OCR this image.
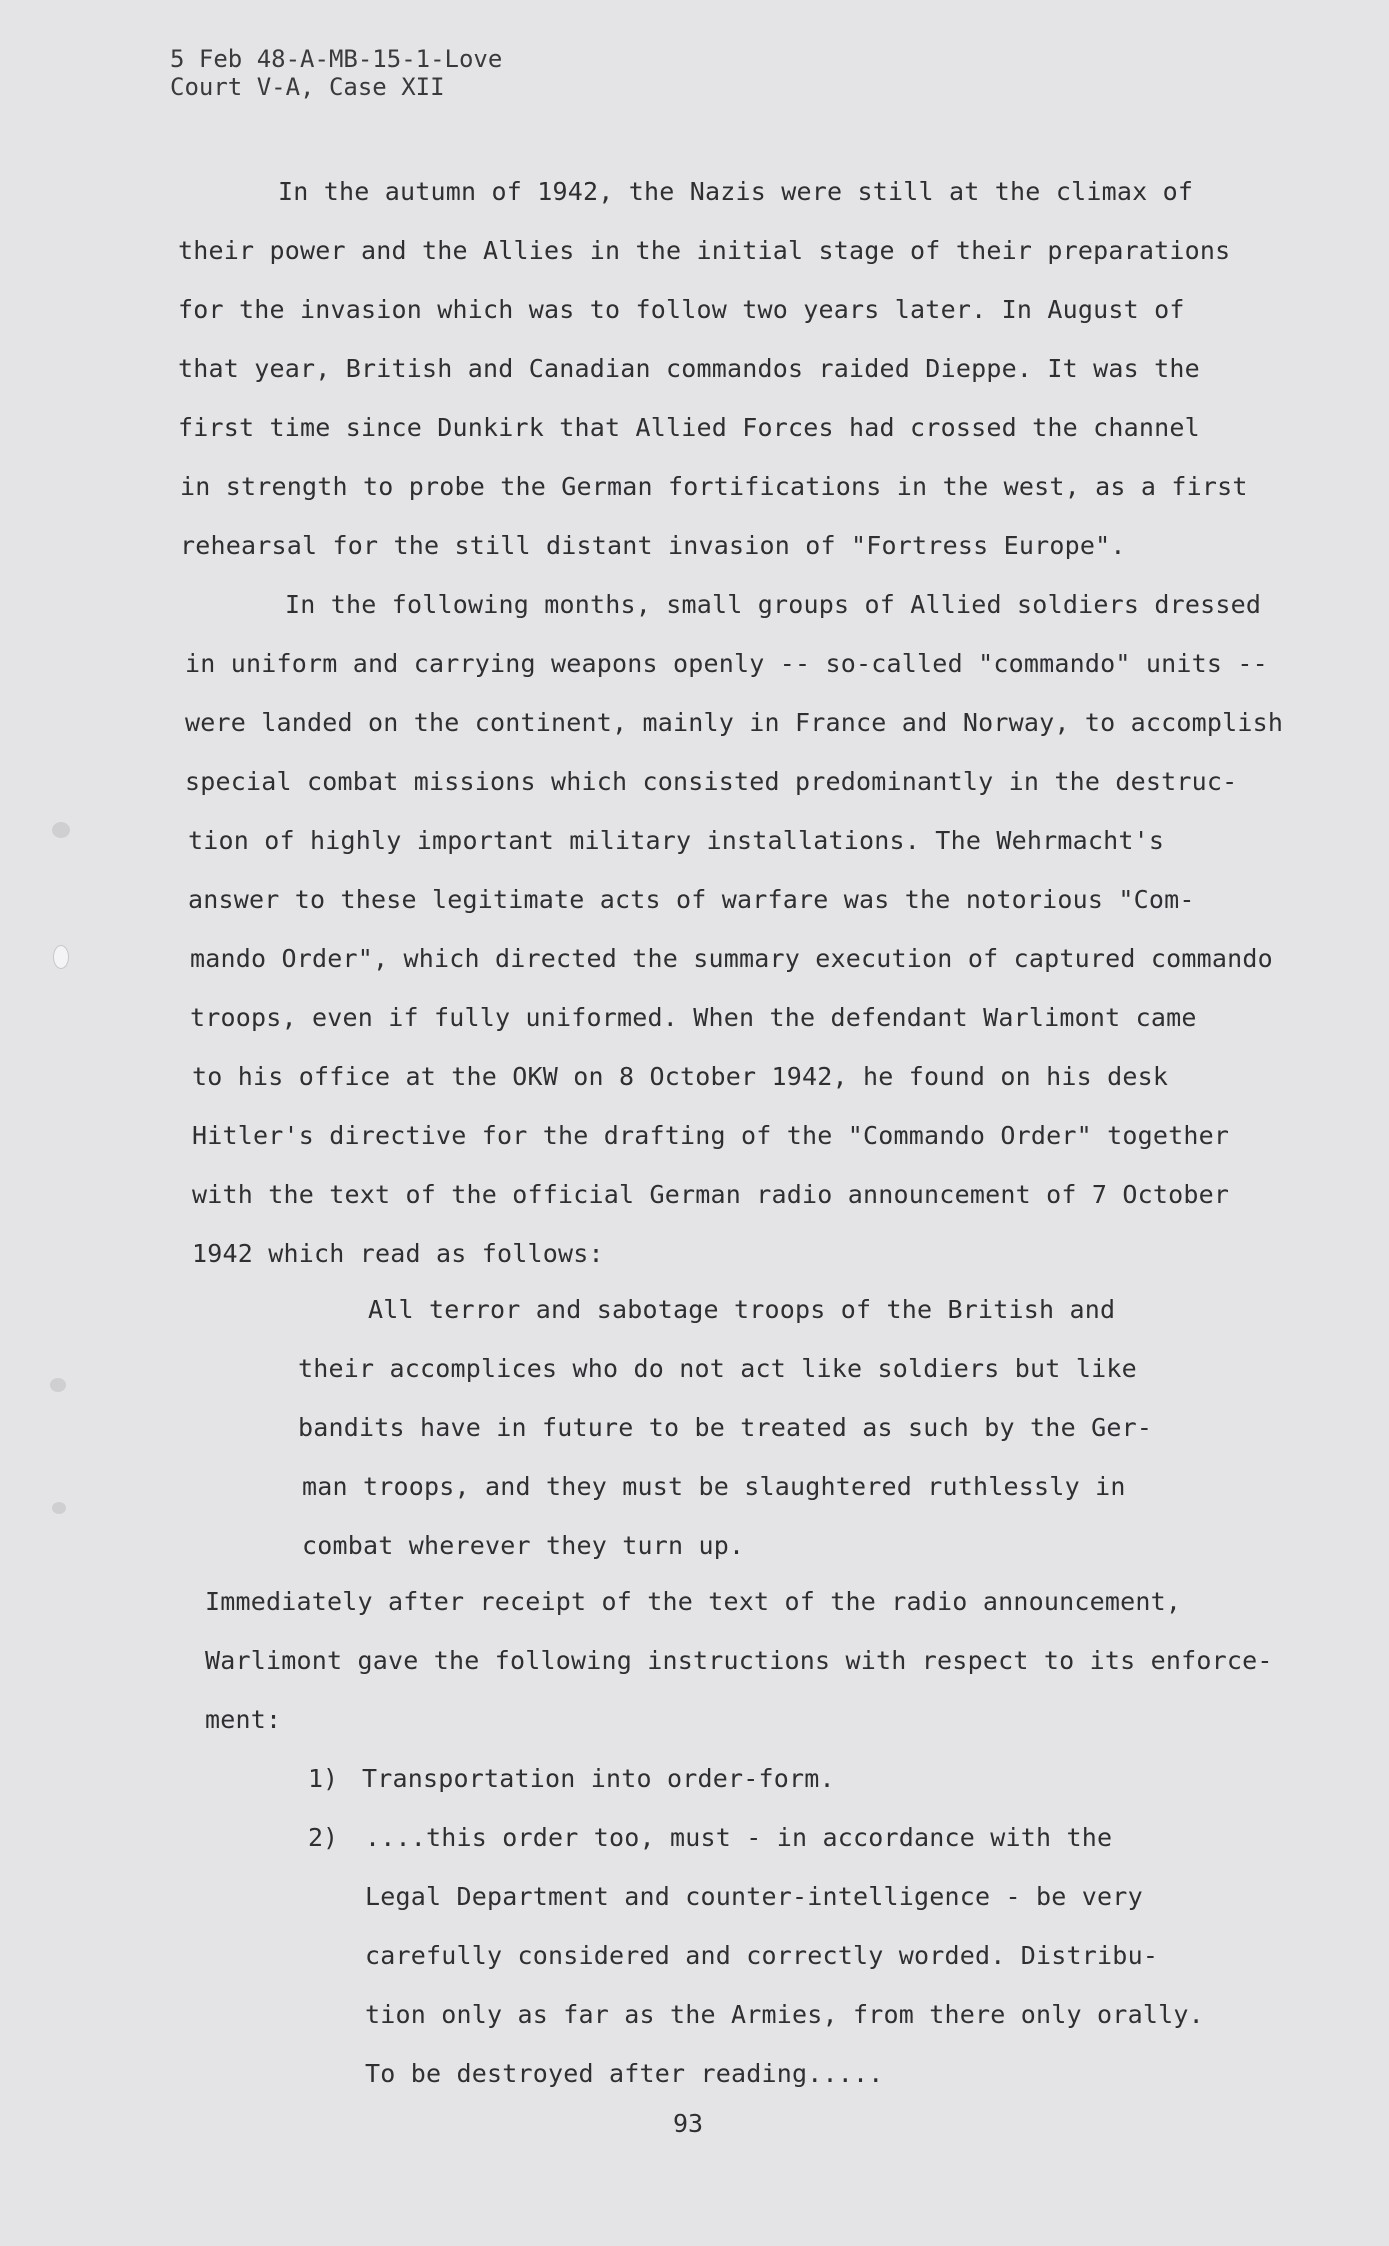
5 Feb 48-A-MB-15-1-Love
Court V-A, Case XII
In the autumn of 1942, the Nazis were still at the climax of
their power and the Allies in the initial stage of their preparations
for the invasion which was to follow two years later. In August of
that year, British and Canadian commandos raided Dieppe. It was the
first time since Dunkirk that Allied Forces had crossed the channel
in strength to probe the German fortifications in the west, as a first
rehearsal for the still distant invasion of "Fortress Europe".
In the following months, small groups of Allied soldiers dressed
in uniform and carrying weapons openly -- so-called "commando" units --
were landed on the continent, mainly in France and Norway, to accomplish
special combat missions which consisted predominantly in the destruc-
tion of highly important military installations. The Wehrmacht's
answer to these legitimate acts of warfare was the notorious "Com-
mando Order", which directed the summary execution of captured commando
troops, even if fully uniformed. When the defendant Warlimont came
to his office at the OKW on 8 October 1942, he found on his desk
Hitler's directive for the drafting of the "Commando Order" together
with the text of the official German radio announcement of 7 October
1942 which read as follows:
All terror and sabotage troops of the British and
their accomplices who do not act like soldiers but like
bandits have in future to be treated as such by the Ger-
man troops, and they must be slaughtered ruthlessly in
combat wherever they turn up.
Immediately after receipt of the text of the radio announcement,
Warlimont gave the following instructions with respect to its enforce-
ment:
1) Transportation into order-form.
2) ....this order too, must - in accordance with the
Legal Department and counter-intelligence - be very
carefully considered and correctly worded. Distribu-
tion only as far as the Armies, from there only orally.
To be destroyed after reading.....
93
